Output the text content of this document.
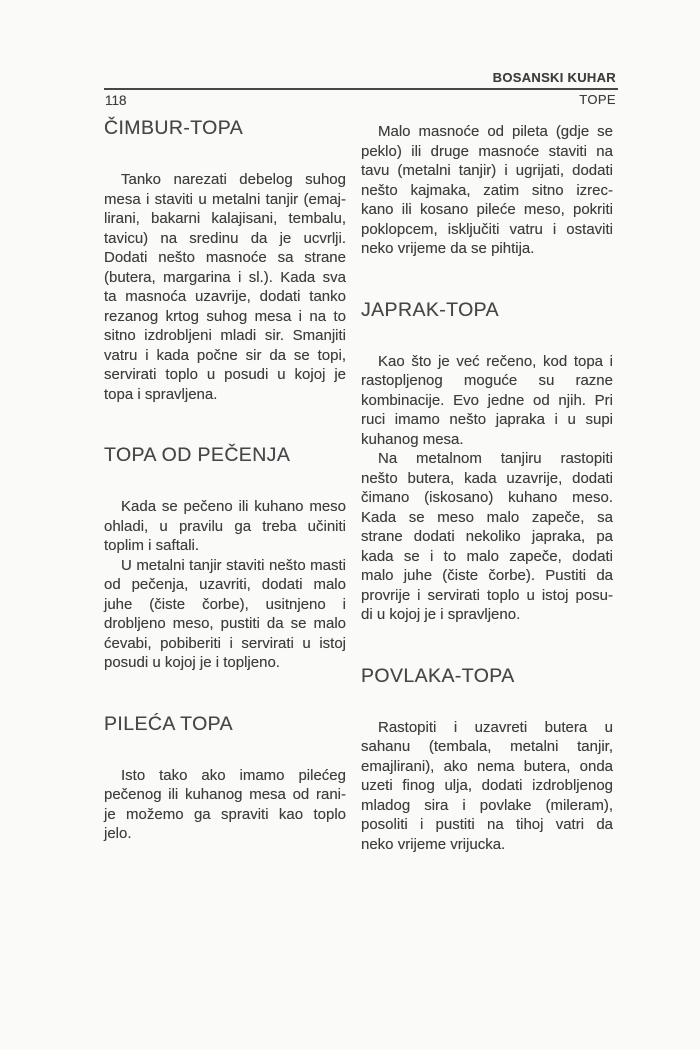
BOSANSKI KUHAR
118	TOPE
ČIMBUR-TOPA
Tanko narezati debelog suhog
mesa i staviti u metalni tanjir (emaj-
lirani, bakarni kalajisani, tembalu,
tavicu) na sredinu da je ucvrlji.
Dodati nešto masnoće sa strane
(butera, margarina i sl.). Kada sva
ta masnoća uzavrije, dodati tanko
rezanog krtog suhog mesa i na to
sitno izdrobljeni mladi sir. Smanjiti
vatru i kada počne sir da se topi,
servirati toplo u posudi u kojoj je
topa i spravljena.
TOPA OD PEČENJA
Kada se pečeno ili kuhano meso
ohladi, u pravilu ga treba učiniti
toplim i saftali.
U metalni tanjir staviti nešto masti
od pečenja, uzavriti, dodati malo
juhe (čiste čorbe), usitnjeno i
drobljeno meso, pustiti da se malo
ćevabi, pobiberiti i servirati u istoj
posudi u kojoj je i topljeno.
PILEĆA TOPA
Isto tako ako imamo pilećeg
pečenog ili kuhanog mesa od rani-
je možemo ga spraviti kao toplo
jelo.
Malo masnoće od pileta (gdje se
peklo) ili druge masnoće staviti na
tavu (metalni tanjir) i ugrijati, dodati
nešto kajmaka, zatim sitno izrec-
kano ili kosano pileće meso, pokriti
poklopcem, isključiti vatru i ostaviti
neko vrijeme da se pihtija.
JAPRAK-TOPA
Kao što je već rečeno, kod topa i
rastopljenog moguće su razne
kombinacije. Evo jedne od njih. Pri
ruci imamo nešto japraka i u supi
kuhanog mesa.
Na metalnom tanjiru rastopiti
nešto butera, kada uzavrije, dodati
čimano (iskosano) kuhano meso.
Kada se meso malo zapeče, sa
strane dodati nekoliko japraka, pa
kada se i to malo zapeče, dodati
malo juhe (čiste čorbe). Pustiti da
provrije i servirati toplo u istoj posu-
di u kojoj je i spravljeno.
POVLAKA-TOPA
Rastopiti i uzavreti butera u
sahanu (tembala, metalni tanjir,
emajlirani), ako nema butera, onda
uzeti finog ulja, dodati izdrobljenog
mladog sira i povlake (mileram),
posoliti i pustiti na tihoj vatri da
neko vrijeme vrijucka.
